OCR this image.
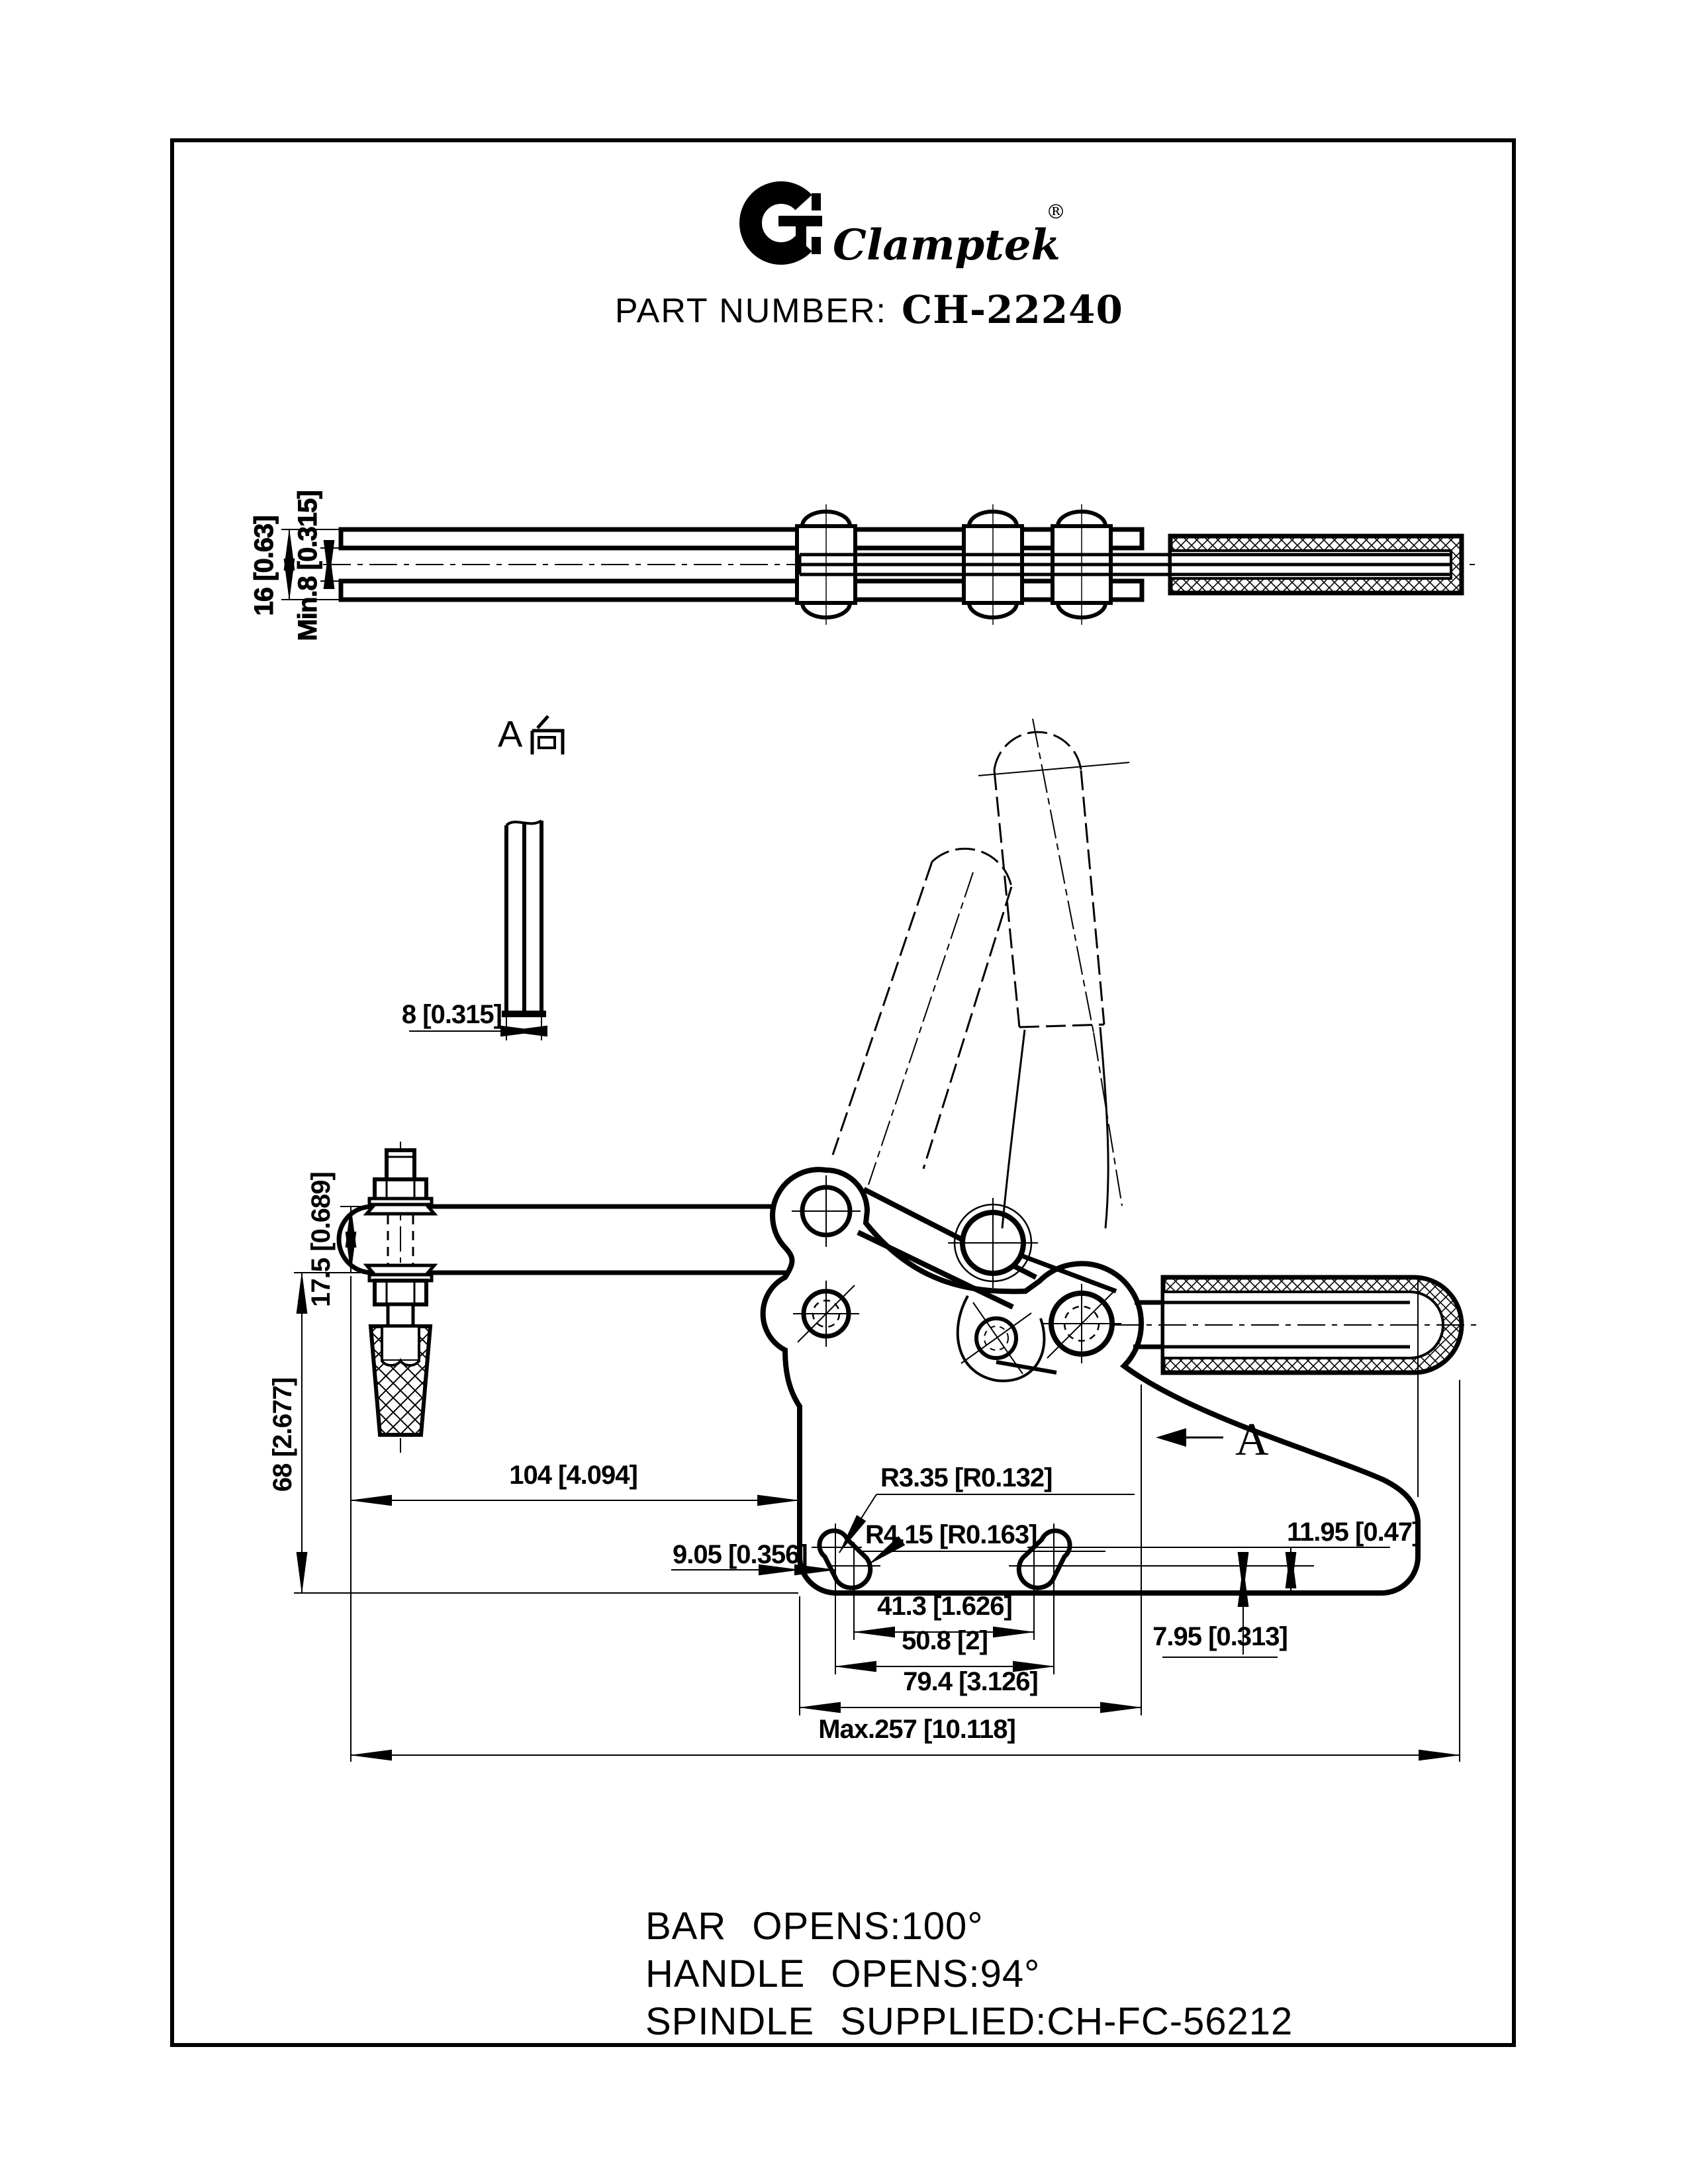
Clamptek
®
PART NUMBER: CH-22240
16 [0.63] Min.8 [0.315]
A
8 [0.315]
17.5 [0.689]
68 [2.677]	104 [4.094]	R3.35 [R0.132]
R4.15 [R0.163]
9.05 [0.356]
41.3 [1.626]
50.8 [2]
79.4 [3.126]
Max.257 [10.118]
11.95 [0.47]
7.95 [0.313]
A
BAR OPENS:100°
HANDLE OPENS:94°
SPINDLE SUPPLIED:CH-FC-56212
